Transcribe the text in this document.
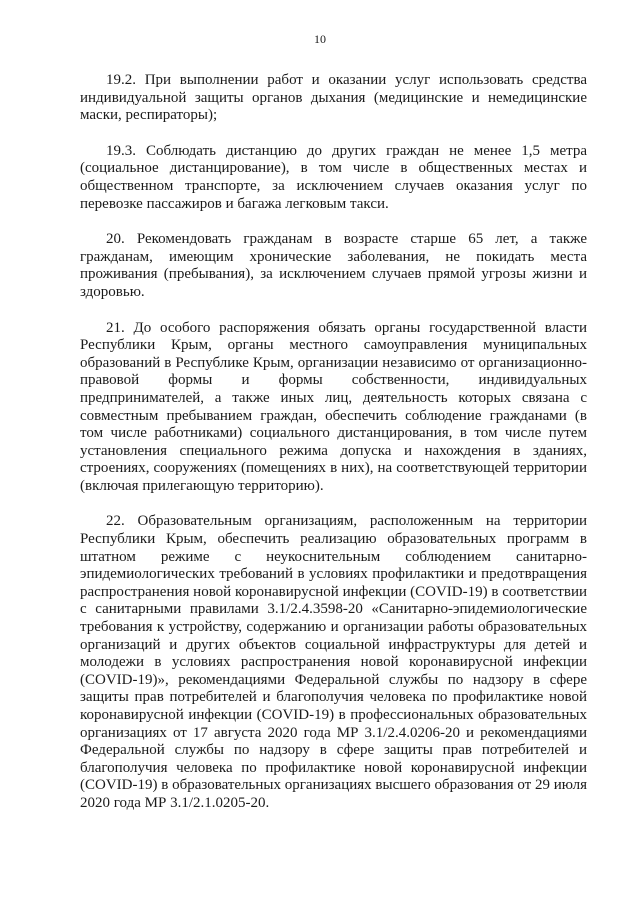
10

19.2. При выполнении работ и оказании услуг использовать средства индивидуальной защиты органов дыхания (медицинские и немедицинские маски, респираторы);

19.3. Соблюдать дистанцию до других граждан не менее 1,5 метра (социальное дистанцирование), в том числе в общественных местах и общественном транспорте, за исключением случаев оказания услуг по перевозке пассажиров и багажа легковым такси.

20. Рекомендовать гражданам в возрасте старше 65 лет, а также гражданам, имеющим хронические заболевания, не покидать места проживания (пребывания), за исключением случаев прямой угрозы жизни и здоровью.

21. До особого распоряжения обязать органы государственной власти Республики Крым, органы местного самоуправления муниципальных образований в Республике Крым, организации независимо от организационно-правовой формы и формы собственности, индивидуальных предпринимателей, а также иных лиц, деятельность которых связана с совместным пребыванием граждан, обеспечить соблюдение гражданами (в том числе работниками) социального дистанцирования, в том числе путем установления специального режима допуска и нахождения в зданиях, строениях, сооружениях (помещениях в них), на соответствующей территории (включая прилегающую территорию).

22. Образовательным организациям, расположенным на территории Республики Крым, обеспечить реализацию образовательных программ в штатном режиме с неукоснительным соблюдением санитарно-эпидемиологических требований в условиях профилактики и предотвращения распространения новой коронавирусной инфекции (COVID-19) в соответствии с санитарными правилами 3.1/2.4.3598-20 «Санитарно-эпидемиологические требования к устройству, содержанию и организации работы образовательных организаций и других объектов социальной инфраструктуры для детей и молодежи в условиях распространения новой коронавирусной инфекции (COVID-19)», рекомендациями Федеральной службы по надзору в сфере защиты прав потребителей и благополучия человека по профилактике новой коронавирусной инфекции (COVID-19) в профессиональных образовательных организациях от 17 августа 2020 года МР 3.1/2.4.0206-20 и рекомендациями Федеральной службы по надзору в сфере защиты прав потребителей и благополучия человека по профилактике новой коронавирусной инфекции (COVID-19) в образовательных организациях высшего образования от 29 июля 2020 года МР 3.1/2.1.0205-20.
